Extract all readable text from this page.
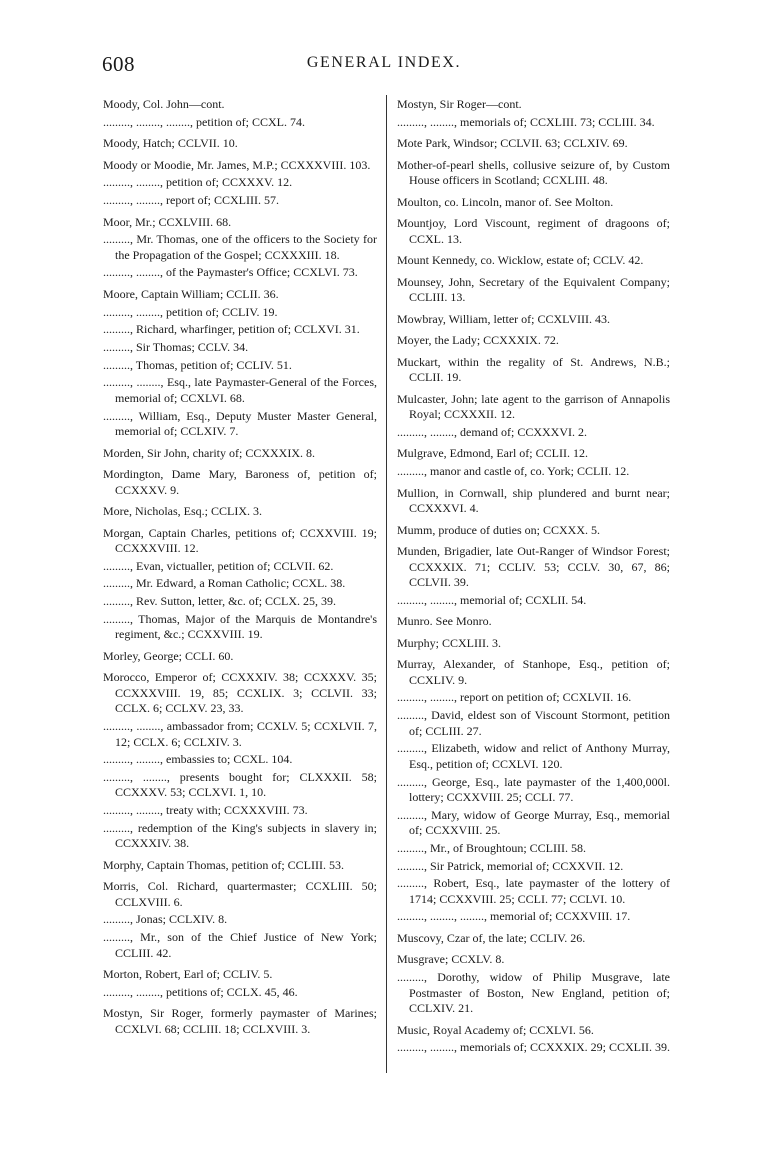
608	GENERAL INDEX.

Moody, Col. John—cont.

........., ........, ........, petition of; CCXL. 74.

Moody, Hatch; CCLVII. 10.

Moody or Moodie, Mr. James, M.P.; CCXXXVIII. 103.

........., ........, petition of; CCXXXV. 12.

........., ........, report of; CCXLIII. 57.

Moor, Mr.; CCXLVIII. 68.

........., Mr. Thomas, one of the officers to the Society for the Propagation of the Gospel; CCXXXIII. 18.

........., ........, of the Paymaster's Office; CCXLVI. 73.

Moore, Captain William; CCLII. 36.

........., ........, petition of; CCLIV. 19.

........., Richard, wharfinger, petition of; CCLXVI. 31.

........., Sir Thomas; CCLV. 34.

........., Thomas, petition of; CCLIV. 51.

........., ........, Esq., late Paymaster-General of the Forces, memorial of; CCXLVI. 68.

........., William, Esq., Deputy Muster Master General, memorial of; CCLXIV. 7.

Morden, Sir John, charity of; CCXXXIX. 8.

Mordington, Dame Mary, Baroness of, petition of; CCXXXV. 9.

More, Nicholas, Esq.; CCLIX. 3.

Morgan, Captain Charles, petitions of; CCXXVIII. 19; CCXXXVIII. 12.

........., Evan, victualler, petition of; CCLVII. 62.

........., Mr. Edward, a Roman Catholic; CCXL. 38.

........., Rev. Sutton, letter, &c. of; CCLX. 25, 39.

........., Thomas, Major of the Marquis de Montandre's regiment, &c.; CCXXVIII. 19.

Morley, George; CCLI. 60.

Morocco, Emperor of; CCXXXIV. 38; CCXXXV. 35; CCXXXVIII. 19, 85; CCXLIX. 3; CCLVII. 33; CCLX. 6; CCLXV. 23, 33.

........., ........, ambassador from; CCXLV. 5; CCXLVII. 7, 12; CCLX. 6; CCLXIV. 3.

........., ........, embassies to; CCXL. 104.

........., ........, presents bought for; CLXXXII. 58; CCXXXV. 53; CCLXVI. 1, 10.

........., ........, treaty with; CCXXXVIII. 73.

........., redemption of the King's subjects in slavery in; CCXXXIV. 38.

Morphy, Captain Thomas, petition of; CCLIII. 53.

Morris, Col. Richard, quartermaster; CCXLIII. 50; CCLXVIII. 6.

........., Jonas; CCLXIV. 8.

........., Mr., son of the Chief Justice of New York; CCLIII. 42.

Morton, Robert, Earl of; CCLIV. 5.

........., ........, petitions of; CCLX. 45, 46.

Mostyn, Sir Roger, formerly paymaster of Marines; CCXLVI. 68; CCLIII. 18; CCLXVIII. 3.

Mostyn, Sir Roger—cont.

........., ........, memorials of; CCXLIII. 73; CCLIII. 34.

Mote Park, Windsor; CCLVII. 63; CCLXIV. 69.

Mother-of-pearl shells, collusive seizure of, by Custom House officers in Scotland; CCXLIII. 48.

Moulton, co. Lincoln, manor of. See Molton.

Mountjoy, Lord Viscount, regiment of dragoons of; CCXL. 13.

Mount Kennedy, co. Wicklow, estate of; CCLV. 42.

Mounsey, John, Secretary of the Equivalent Company; CCLIII. 13.

Mowbray, William, letter of; CCXLVIII. 43.

Moyer, the Lady; CCXXXIX. 72.

Muckart, within the regality of St. Andrews, N.B.; CCLII. 19.

Mulcaster, John; late agent to the garrison of Annapolis Royal; CCXXXII. 12.

........., ........, demand of; CCXXXVI. 2.

Mulgrave, Edmond, Earl of; CCLII. 12.

........., manor and castle of, co. York; CCLII. 12.

Mullion, in Cornwall, ship plundered and burnt near; CCXXXVI. 4.

Mumm, produce of duties on; CCXXX. 5.

Munden, Brigadier, late Out-Ranger of Windsor Forest; CCXXXIX. 71; CCLIV. 53; CCLV. 30, 67, 86; CCLVII. 39.

........., ........, memorial of; CCXLII. 54.

Munro. See Monro.

Murphy; CCXLIII. 3.

Murray, Alexander, of Stanhope, Esq., petition of; CCXLIV. 9.

........., ........, report on petition of; CCXLVII. 16.

........., David, eldest son of Viscount Stormont, petition of; CCLIII. 27.

........., Elizabeth, widow and relict of Anthony Murray, Esq., petition of; CCXLVI. 120.

........., George, Esq., late paymaster of the 1,400,000l. lottery; CCXXVIII. 25; CCLI. 77.

........., Mary, widow of George Murray, Esq., memorial of; CCXXVIII. 25.

........., Mr., of Broughtoun; CCLIII. 58.

........., Sir Patrick, memorial of; CCXXVII. 12.

........., Robert, Esq., late paymaster of the lottery of 1714; CCXXVIII. 25; CCLI. 77; CCLVI. 10.

........., ........, ........, memorial of; CCXXVIII. 17.

Muscovy, Czar of, the late; CCLIV. 26.

Musgrave; CCXLV. 8.

........., Dorothy, widow of Philip Musgrave, late Postmaster of Boston, New England, petition of; CCLXIV. 21.

Music, Royal Academy of; CCXLVI. 56.

........., ........, memorials of; CCXXXIX. 29; CCXLII. 39.
